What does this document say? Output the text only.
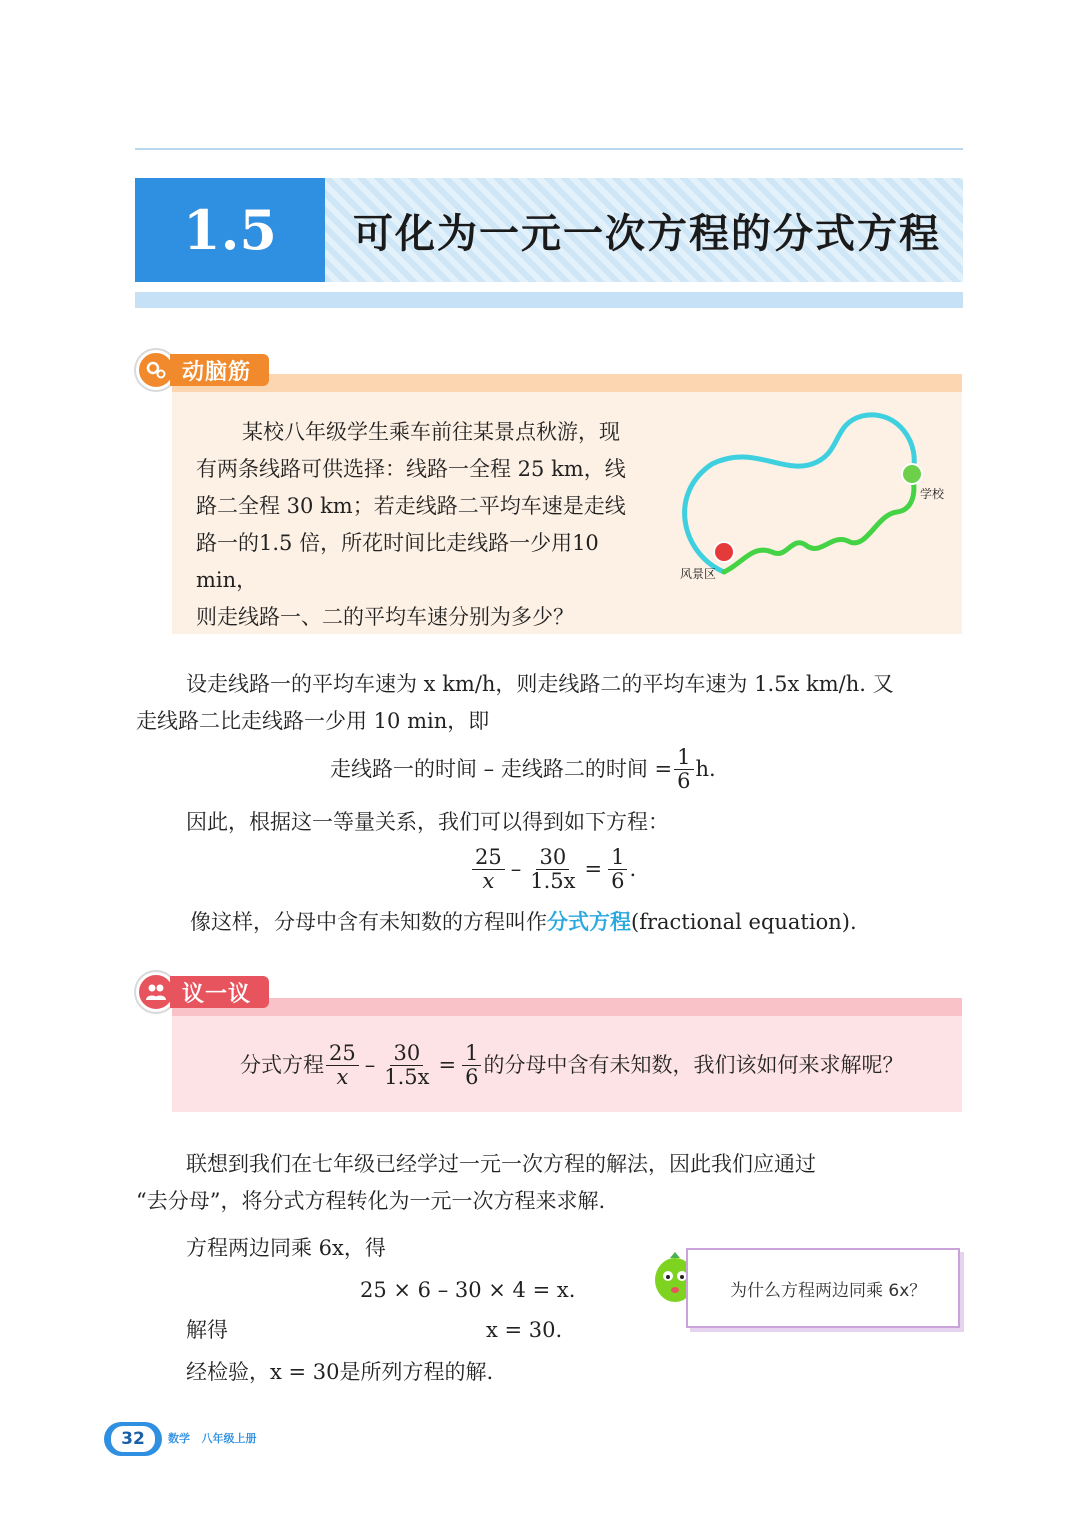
1.5	可化为一元一次方程的分式方程
动脑筋
某校八年级学生乘车前往某景点秋游，现
有两条线路可供选择：线路一全程 25 km，线
路二全程 30 km；若走线路二平均车速是走线
路一的1.5 倍，所花时间比走线路一少用10 min，
则走线路一、二的平均车速分别为多少？
学校
风景区
设走线路一的平均车速为 x km/h，则走线路二的平均车速为 1.5x km/h. 又
走线路二比走线路一少用 10 min，即
走线路一的时间 – 走线路二的时间 = $\frac{1}{6} h$.
因此，根据这一等量关系，我们可以得到如下方程：
$\frac{25}{x} - \frac{30}{1.5x} = \frac{1}{6}$ .
像这样，分母中含有未知数的方程叫作分式方程(fractional equation).
议一议
分式方程 $\frac{25}{x} - \frac{30}{1.5x} = \frac{1}{6}$ 的分母中含有未知数，我们该如何来求解呢？
联想到我们在七年级已经学过一元一次方程的解法，因此我们应通过
“去分母”，将分式方程转化为一元一次方程来求解.
方程两边同乘 6x，得
25 × 6 – 30 × 4 = x.
解得	x = 30.
经检验，x = 30是所列方程的解.
为什么方程两边同乘 6x？
32	数学   八年级上册
